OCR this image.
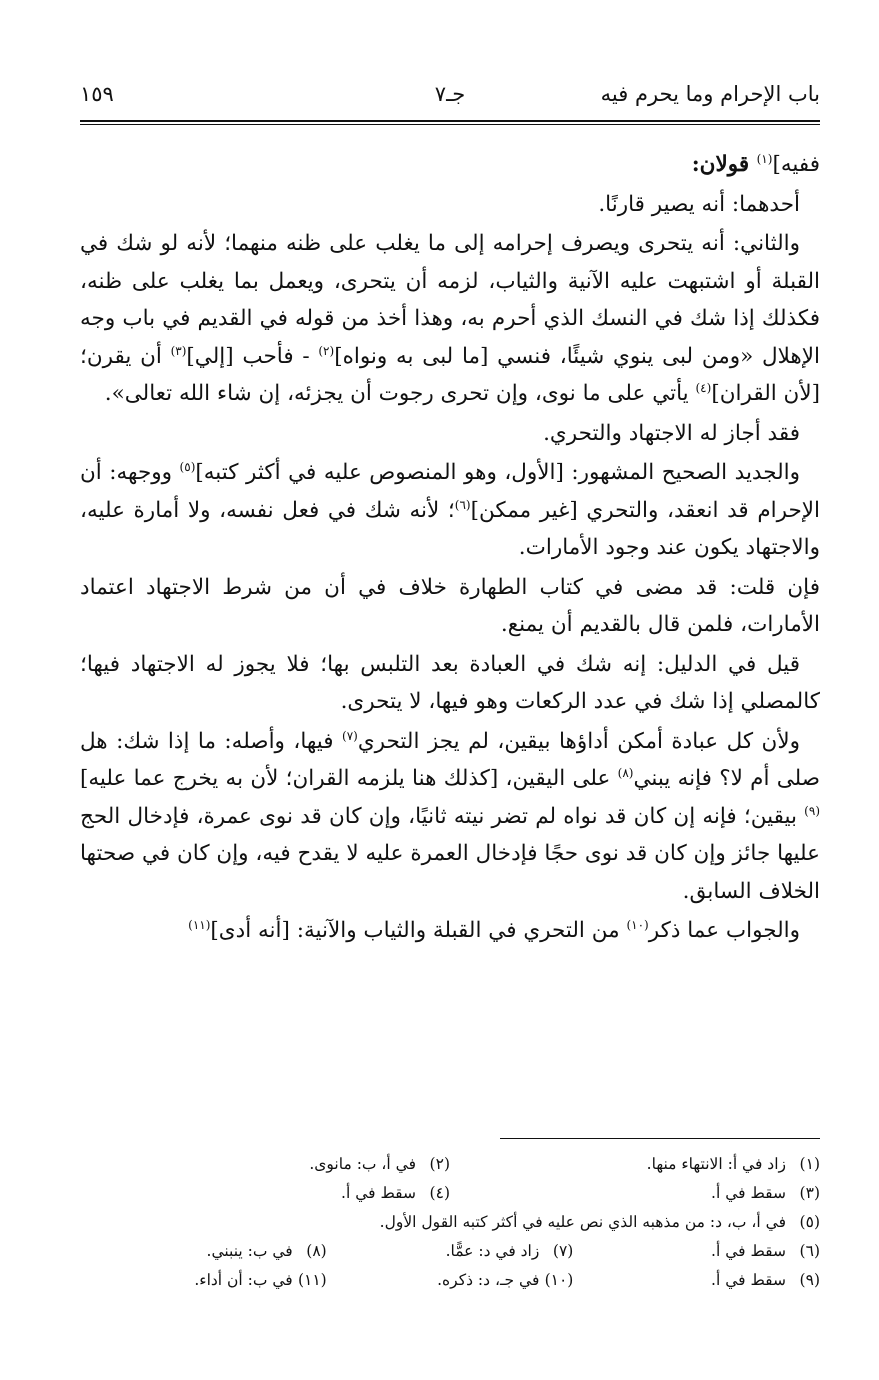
باب الإحرام وما يحرم فيه
جـ٧
١٥٩

ففيه]$^{(١)}$ قولان:

أحدهما: أنه يصير قارنًا.

والثاني: أنه يتحرى ويصرف إحرامه إلى ما يغلب على ظنه منهما؛ لأنه لو شك في القبلة أو اشتبهت عليه الآنية والثياب، لزمه أن يتحرى، ويعمل بما يغلب على ظنه، فكذلك إذا شك في النسك الذي أحرم به، وهذا أخذ من قوله في القديم في باب وجه الإهلال «ومن لبى ينوي شيئًا، فنسي [ما لبى به ونواه]$^{(٢)}$ - فأحب [إلي]$^{(٣)}$ أن يقرن؛ [لأن القران]$^{(٤)}$ يأتي على ما نوى، وإن تحرى رجوت أن يجزئه، إن شاء الله تعالى».

فقد أجاز له الاجتهاد والتحري.

والجديد الصحيح المشهور: [الأول، وهو المنصوص عليه في أكثر كتبه]$^{(٥)}$ ووجهه: أن الإحرام قد انعقد، والتحري [غير ممكن]$^{(٦)}$؛ لأنه شك في فعل نفسه، ولا أمارة عليه، والاجتهاد يكون عند وجود الأمارات.

فإن قلت: قد مضى في كتاب الطهارة خلاف في أن من شرط الاجتهاد اعتماد الأمارات، فلمن قال بالقديم أن يمنع.

قيل في الدليل: إنه شك في العبادة بعد التلبس بها؛ فلا يجوز له الاجتهاد فيها؛ كالمصلي إذا شك في عدد الركعات وهو فيها، لا يتحرى.

ولأن كل عبادة أمكن أداؤها بيقين، لم يجز التحري$^{(٧)}$ فيها، وأصله: ما إذا شك: هل صلى أم لا؟ فإنه يبني$^{(٨)}$ على اليقين، [كذلك هنا يلزمه القران؛ لأن به يخرج عما عليه]$^{(٩)}$ بيقين؛ فإنه إن كان قد نواه لم تضر نيته ثانيًا، وإن كان قد نوى عمرة، فإدخال الحج عليها جائز وإن كان قد نوى حجًا فإدخال العمرة عليه لا يقدح فيه، وإن كان في صحتها الخلاف السابق.

والجواب عما ذكر$^{(١٠)}$ من التحري في القبلة والثياب والآنية: [أنه أدى]$^{(١١)}$

(١)زاد في أ: الانتهاء منها.
(٢)في أ، ب: مانوى.
(٣)سقط في أ.
(٤)سقط في أ.
(٥)في أ، ب، د: من مذهبه الذي نص عليه في أكثر كتبه القول الأول.
(٦)سقط في أ.
(٧)زاد في د: عمًّا.
(٨)في ب: ينبني.
(٩)سقط في أ.
(١٠)في جـ، د: ذكره.
(١١)في ب: أن أداء.
